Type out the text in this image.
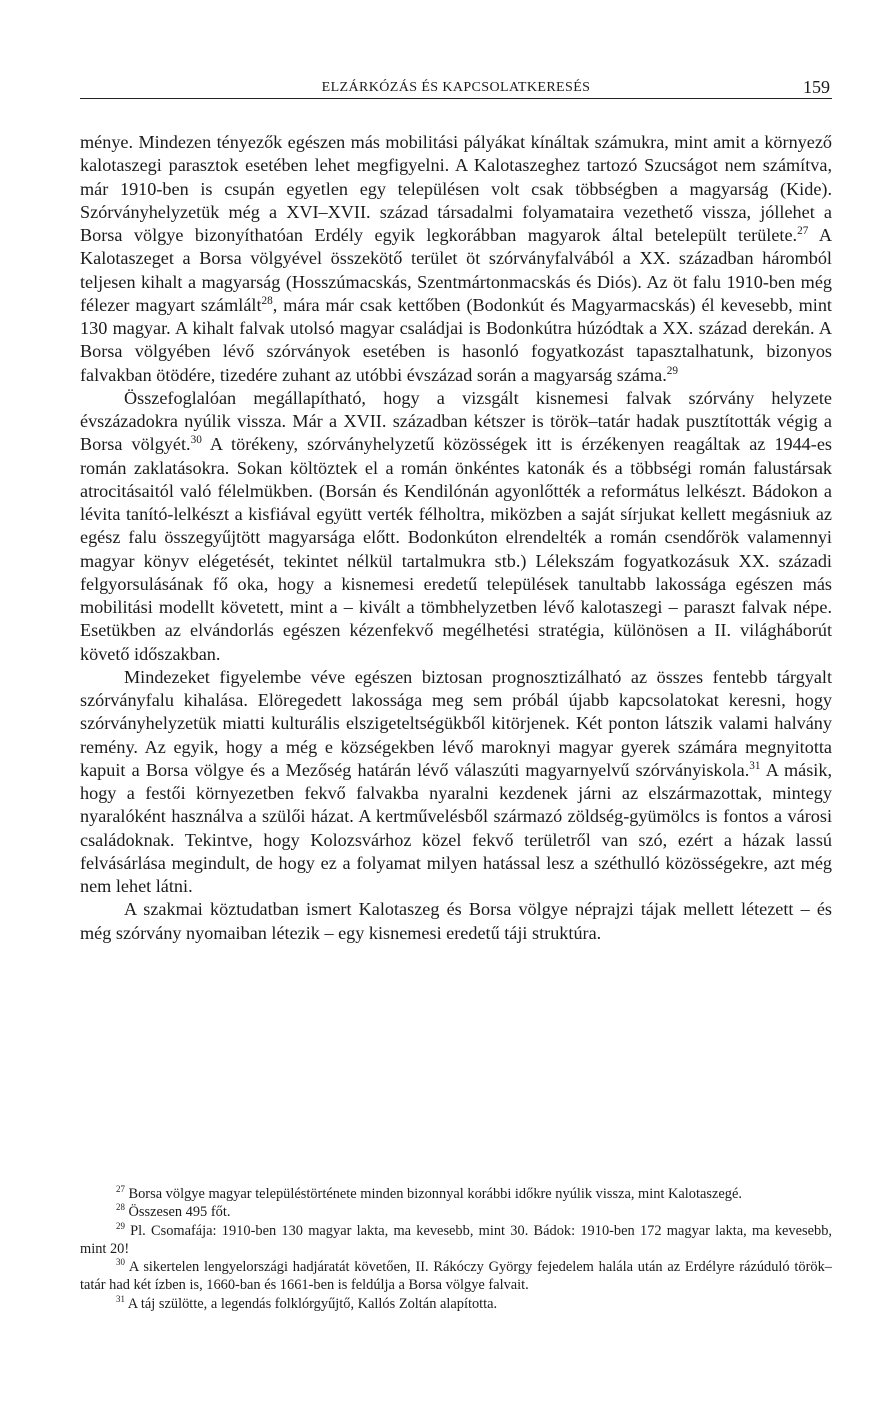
ELZÁRKÓZÁS ÉS KAPCSOLATKERESÉS	159

ménye. Mindezen tényezők egészen más mobilitási pályákat kínáltak számukra, mint amit a környező kalotaszegi parasztok esetében lehet megfigyelni. A Kalotaszeghez tartozó Szucságot nem számítva, már 1910-ben is csupán egyetlen egy településen volt csak többségben a magyarság (Kide). Szórványhelyzetük még a XVI–XVII. század társadalmi folyamataira vezethető vissza, jóllehet a Borsa völgye bizonyíthatóan Erdély egyik legkorábban magyarok által betelepült területe.$^{27}$ A Kalotaszeget a Borsa völgyével összekötő terület öt szórványfalvából a XX. században háromból teljesen kihalt a magyarság (Hosszúmacskás, Szentmártonmacskás és Diós). Az öt falu 1910-ben még félezer magyart számlált$^{28}$, mára már csak kettőben (Bodonkút és Magyarmacskás) él kevesebb, mint 130 magyar. A kihalt falvak utolsó magyar családjai is Bodonkútra húzódtak a XX. század derekán. A Borsa völgyében lévő szórványok esetében is hasonló fogyatkozást tapasztalhatunk, bizonyos falvakban ötödére, tizedére zuhant az utóbbi évszázad során a magyarság száma.$^{29}$

Összefoglalóan megállapítható, hogy a vizsgált kisnemesi falvak szórvány helyzete évszázadokra nyúlik vissza. Már a XVII. században kétszer is török–tatár hadak pusztították végig a Borsa völgyét.$^{30}$ A törékeny, szórványhelyzetű közösségek itt is érzékenyen reagáltak az 1944-es román zaklatásokra. Sokan költöztek el a román önkéntes katonák és a többségi román falustársak atrocitásaitól való félelmükben. (Borsán és Kendilónán agyonlőtték a református lelkészt. Bádokon a lévita tanító-lelkészt a kisfiával együtt verték félholtra, miközben a saját sírjukat kellett megásniuk az egész falu összegyűjtött magyarsága előtt. Bodonkúton elrendelték a román csendőrök valamennyi magyar könyv elégetését, tekintet nélkül tartalmukra stb.) Lélekszám fogyatkozásuk XX. századi felgyorsulásának fő oka, hogy a kisnemesi eredetű települések tanultabb lakossága egészen más mobilitási modellt követett, mint a – kivált a tömbhelyzetben lévő kalotaszegi – paraszt falvak népe. Esetükben az elvándorlás egészen kézenfekvő megélhetési stratégia, különösen a II. világháborút követő időszakban.

Mindezeket figyelembe véve egészen biztosan prognosztizálható az összes fentebb tárgyalt szórványfalu kihalása. Elöregedett lakossága meg sem próbál újabb kapcsolatokat keresni, hogy szórványhelyzetük miatti kulturális elszigeteltségükből kitörjenek. Két ponton látszik valami halvány remény. Az egyik, hogy a még e községekben lévő maroknyi magyar gyerek számára megnyitotta kapuit a Borsa völgye és a Mezőség határán lévő válaszúti magyarnyelvű szórványiskola.$^{31}$ A másik, hogy a festői környezetben fekvő falvakba nyaralni kezdenek járni az elszármazottak, mintegy nyaralóként használva a szülői házat. A kertművelésből származó zöldség-gyümölcs is fontos a városi családoknak. Tekintve, hogy Kolozsvárhoz közel fekvő területről van szó, ezért a házak lassú felvásárlása megindult, de hogy ez a folyamat milyen hatással lesz a széthulló közösségekre, azt még nem lehet látni.

A szakmai köztudatban ismert Kalotaszeg és Borsa völgye néprajzi tájak mellett létezett – és még szórvány nyomaiban létezik – egy kisnemesi eredetű táji struktúra.

$^{27}$ Borsa völgye magyar településtörténete minden bizonnyal korábbi időkre nyúlik vissza, mint Kalotaszegé.

$^{28}$ Összesen 495 főt.

$^{29}$ Pl. Csomafája: 1910-ben 130 magyar lakta, ma kevesebb, mint 30. Bádok: 1910-ben 172 magyar lakta, ma kevesebb, mint 20!

$^{30}$ A sikertelen lengyelországi hadjáratát követően, II. Rákóczy György fejedelem halála után az Erdélyre rázúduló török–tatár had két ízben is, 1660-ban és 1661-ben is feldúlja a Borsa völgye falvait.

$^{31}$ A táj szülötte, a legendás folklórgyűjtő, Kallós Zoltán alapította.
